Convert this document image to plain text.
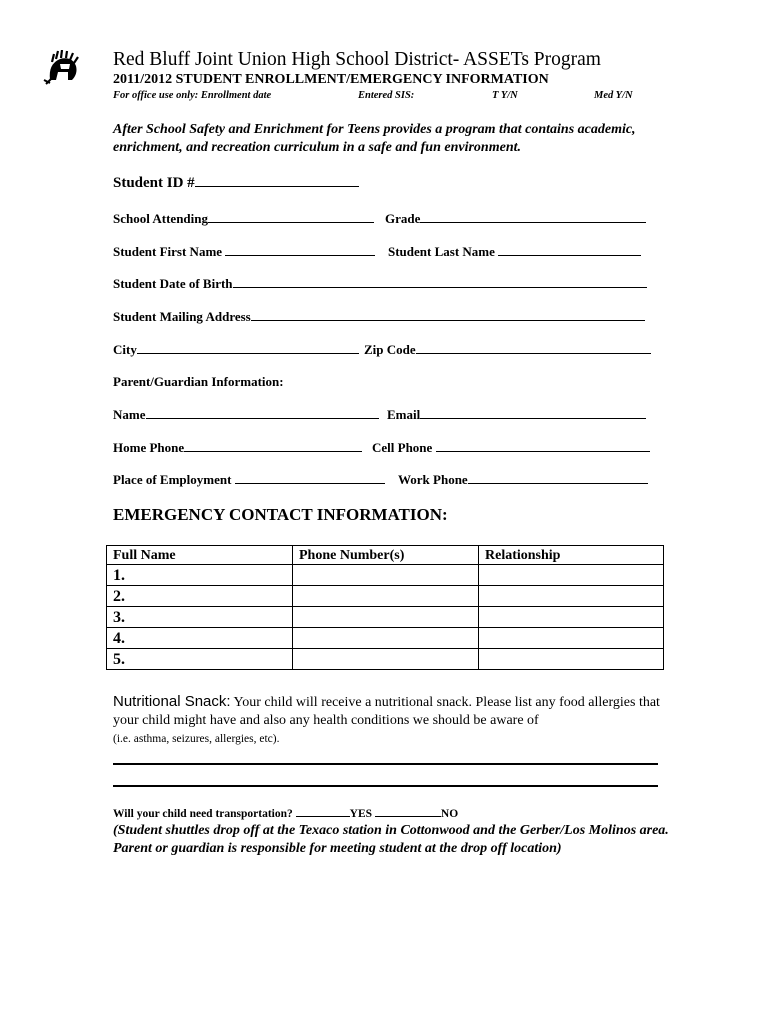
Red Bluff Joint Union High School District- ASSETs Program
2011/2012 STUDENT ENROLLMENT/EMERGENCY INFORMATION
For office use only: Enrollment date	Entered SIS:	T Y/N	Med Y/N
After School Safety and Enrichment for Teens provides a program that contains academic, enrichment, and recreation curriculum in a safe and fun environment.
Student ID #
School Attending	Grade
Student First Name	Student Last Name
Student Date of Birth
Student Mailing Address
City	Zip Code
Parent/Guardian Information:
Name	Email
Home Phone	Cell Phone
Place of Employment	Work Phone
EMERGENCY CONTACT INFORMATION:
Full Name	Phone Number(s)	Relationship
1.		
2.		
3.		
4.		
5.		
Nutritional Snack: Your child will receive a nutritional snack. Please list any food allergies that your child might have and also any health conditions we should be aware of
(i.e. asthma, seizures, allergies, etc).
Will your child need transportation?	YES	NO
(Student shuttles drop off at the Texaco station in Cottonwood and the Gerber/Los Molinos area. Parent or guardian is responsible for meeting student at the drop off location)
